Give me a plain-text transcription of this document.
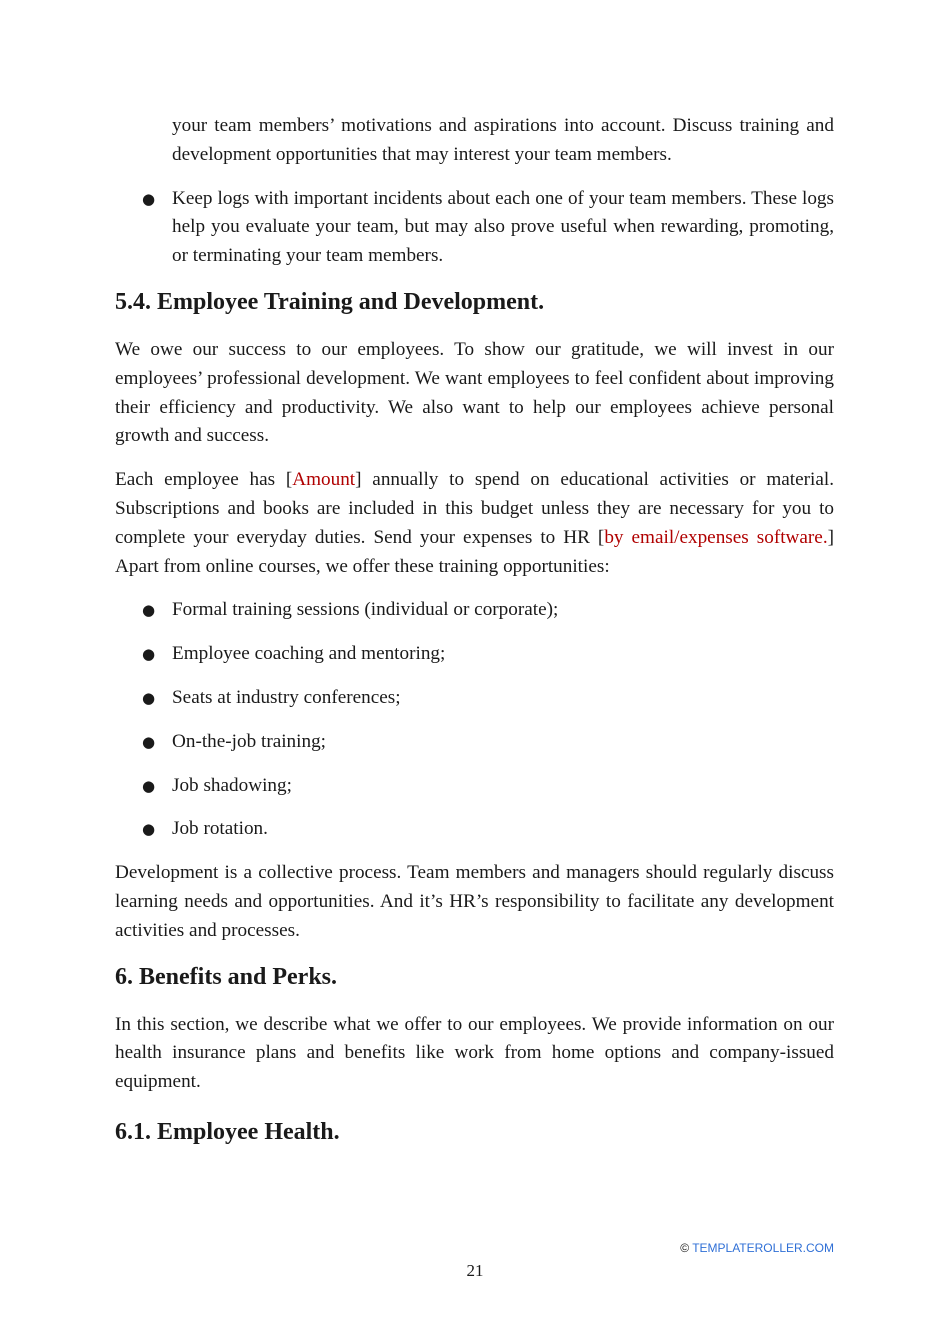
your team members’ motivations and aspirations into account. Discuss training and development opportunities that may interest your team members.

● Keep logs with important incidents about each one of your team members. These logs help you evaluate your team, but may also prove useful when rewarding, promoting, or terminating your team members.
5.4. Employee Training and Development.

We owe our success to our employees. To show our gratitude, we will invest in our employees’ professional development. We want employees to feel confident about improving their efficiency and productivity. We also want to help our employees achieve personal growth and success.

Each employee has [Amount] annually to spend on educational activities or material. Subscriptions and books are included in this budget unless they are necessary for you to complete your everyday duties. Send your expenses to HR [by email/expenses software.] Apart from online courses, we offer these training opportunities:

● Formal training sessions (individual or corporate);
● Employee coaching and mentoring;
● Seats at industry conferences;
● On-the-job training;
● Job shadowing;
● Job rotation.

Development is a collective process. Team members and managers should regularly discuss learning needs and opportunities. And it’s HR’s responsibility to facilitate any development activities and processes.

6. Benefits and Perks.

In this section, we describe what we offer to our employees. We provide information on our health insurance plans and benefits like work from home options and company-issued equipment.

6.1. Employee Health.
© TEMPLATEROLLER.COM
21
